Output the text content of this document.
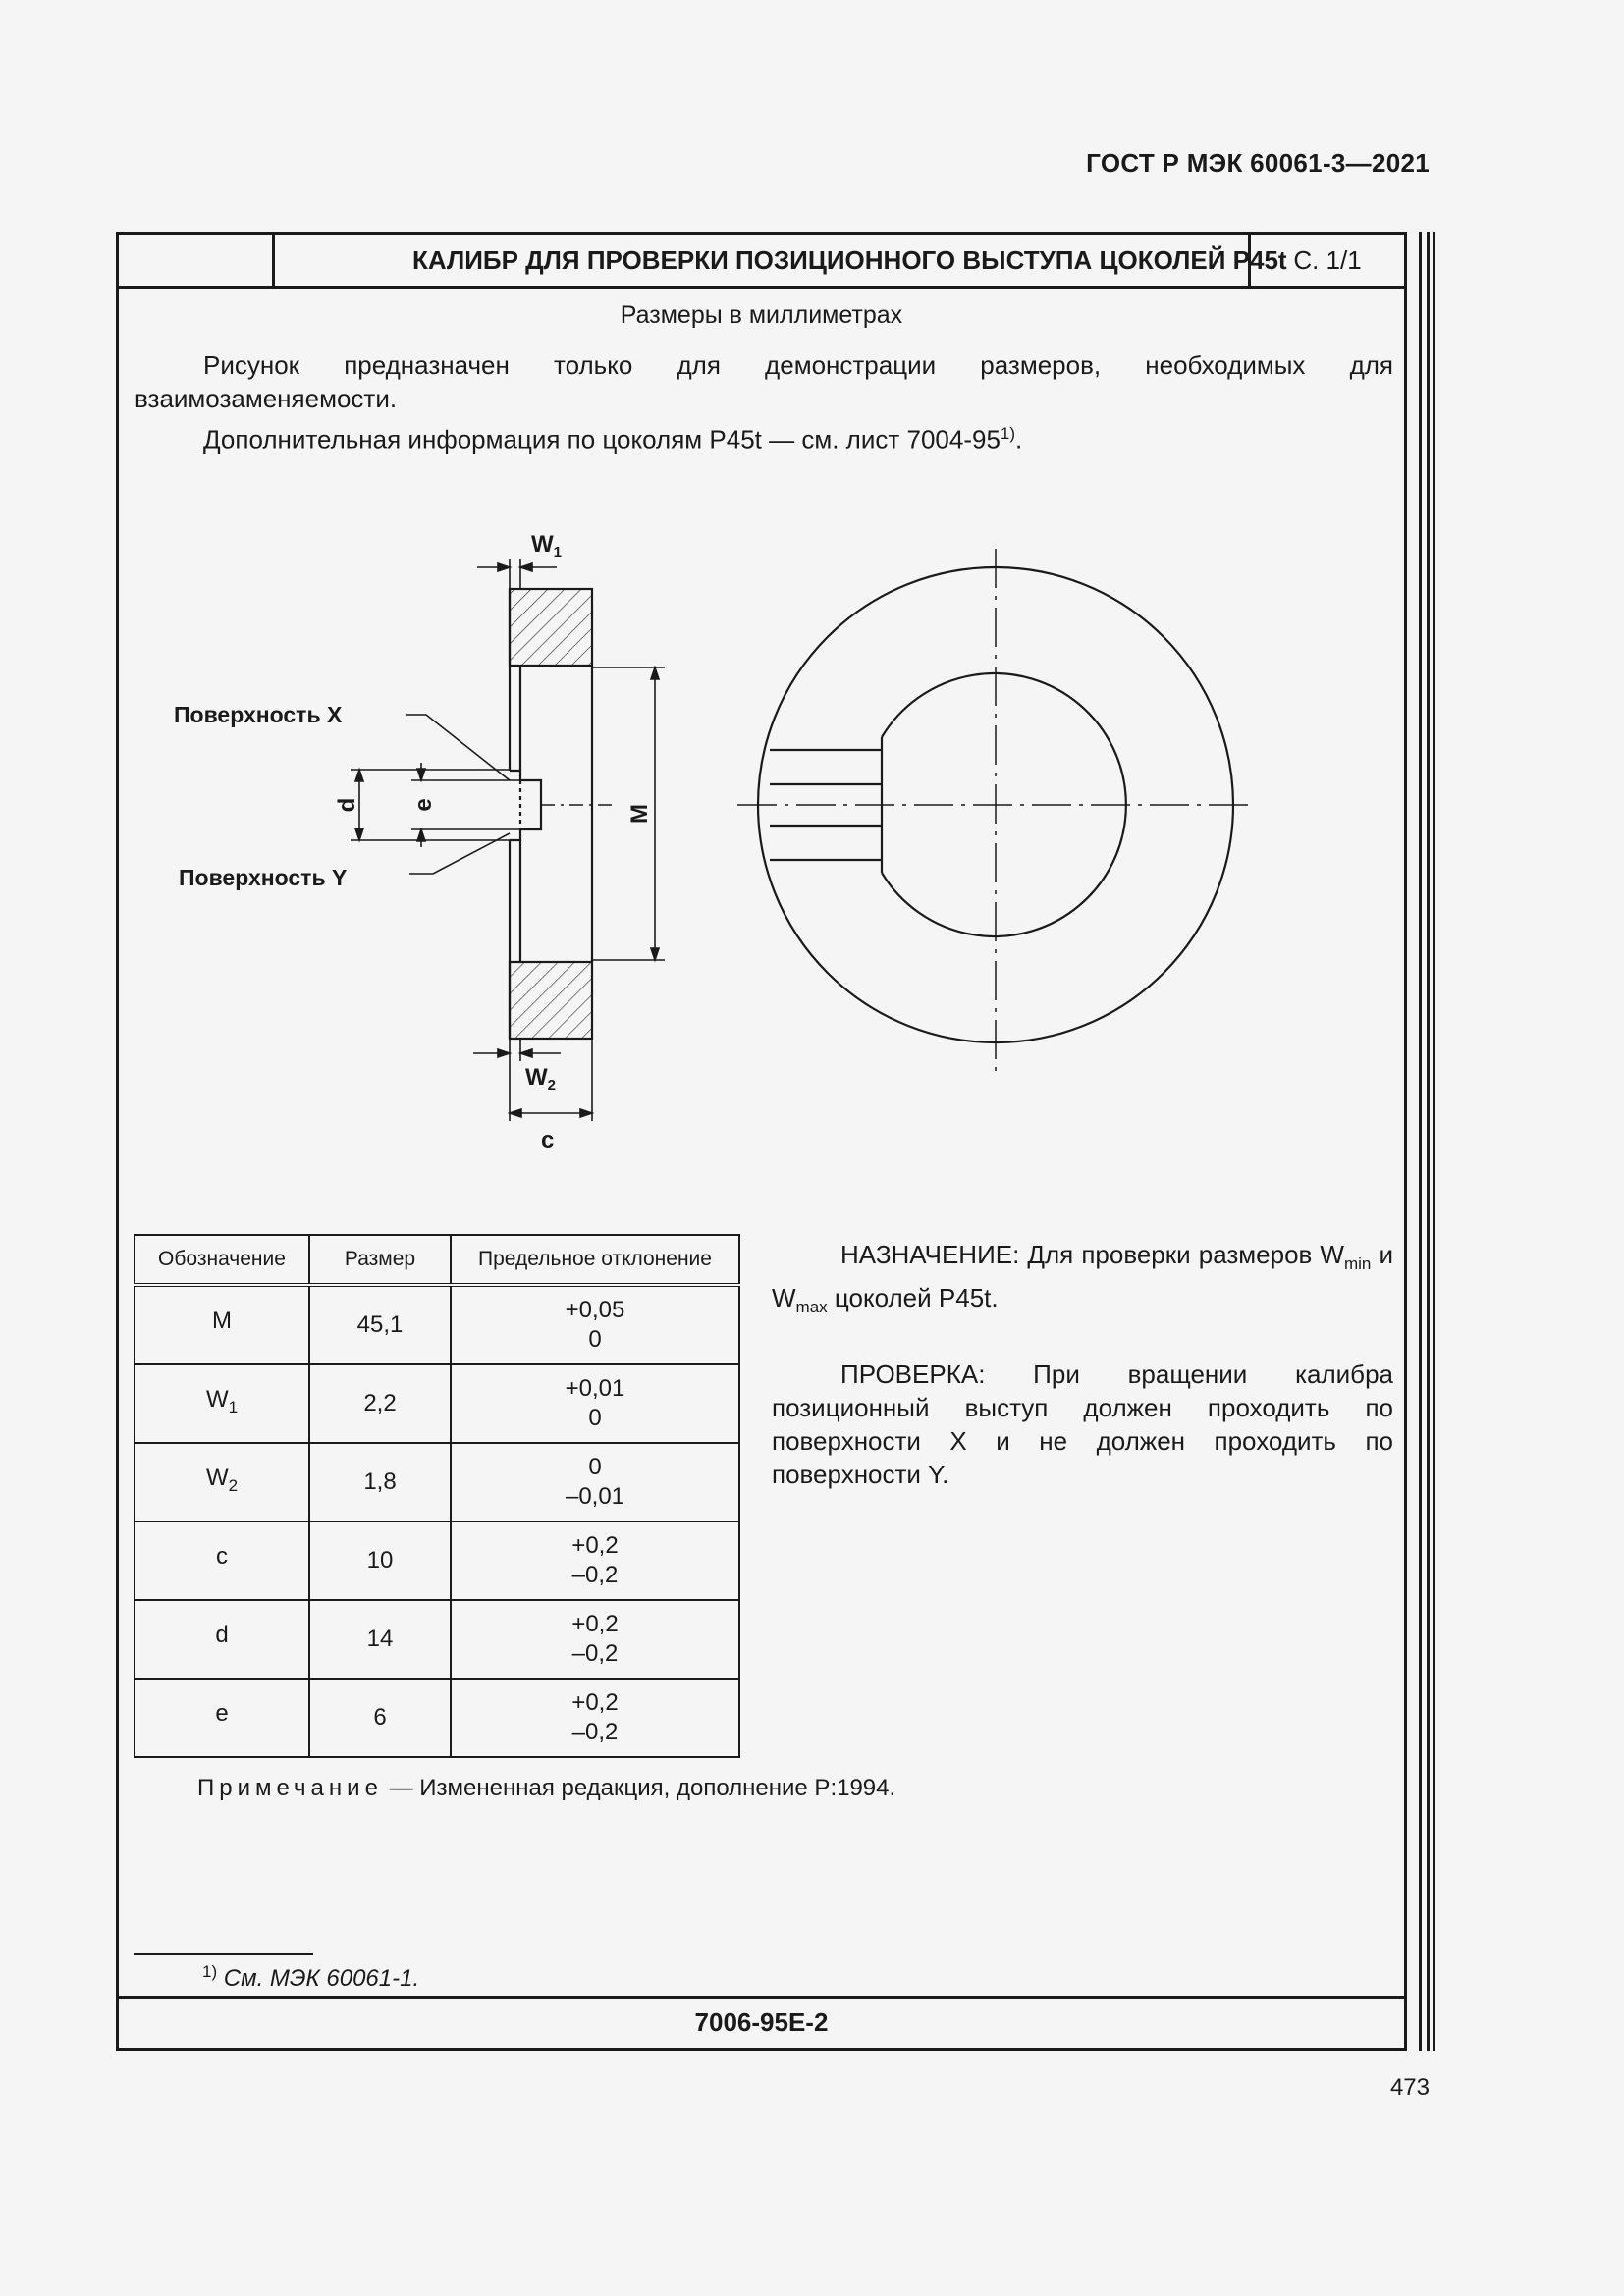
ГОСТ Р МЭК 60061-3—2021
КАЛИБР ДЛЯ ПРОВЕРКИ ПОЗИЦИОННОГО ВЫСТУПА ЦОКОЛЕЙ P45t С. 1/1
Размеры в миллиметрах
Рисунок предназначен только для демонстрации размеров, необходимых для взаимозаменяемости.
Дополнительная информация по цоколям P45t — см. лист 7004-95$^{1)}$.
$W_1$
$W_2$
c
Поверхность X
Поверхность Y
d e	M
Обозначение	Размер	Предельное отклонение
M	45,1	+0,05
0

$W_1$	2,2	+0,01
0

$W_2$	1,8	0
–0,01

c	10	+0,2
–0,2

d	14	+0,2
–0,2

e	6	+0,2
–0,2

НАЗНАЧЕНИЕ: Для проверки размеров $W_{min}$ и $W_{max}$ цоколей P45t.

ПРОВЕРКА: При вращении калибра позиционный выступ должен проходить по поверхности X и не должен проходить по поверхности Y.

Примечание — Измененная редакция, дополнение P:1994.
$^{1)}$ См. МЭК 60061-1.
7006-95E-2
473
